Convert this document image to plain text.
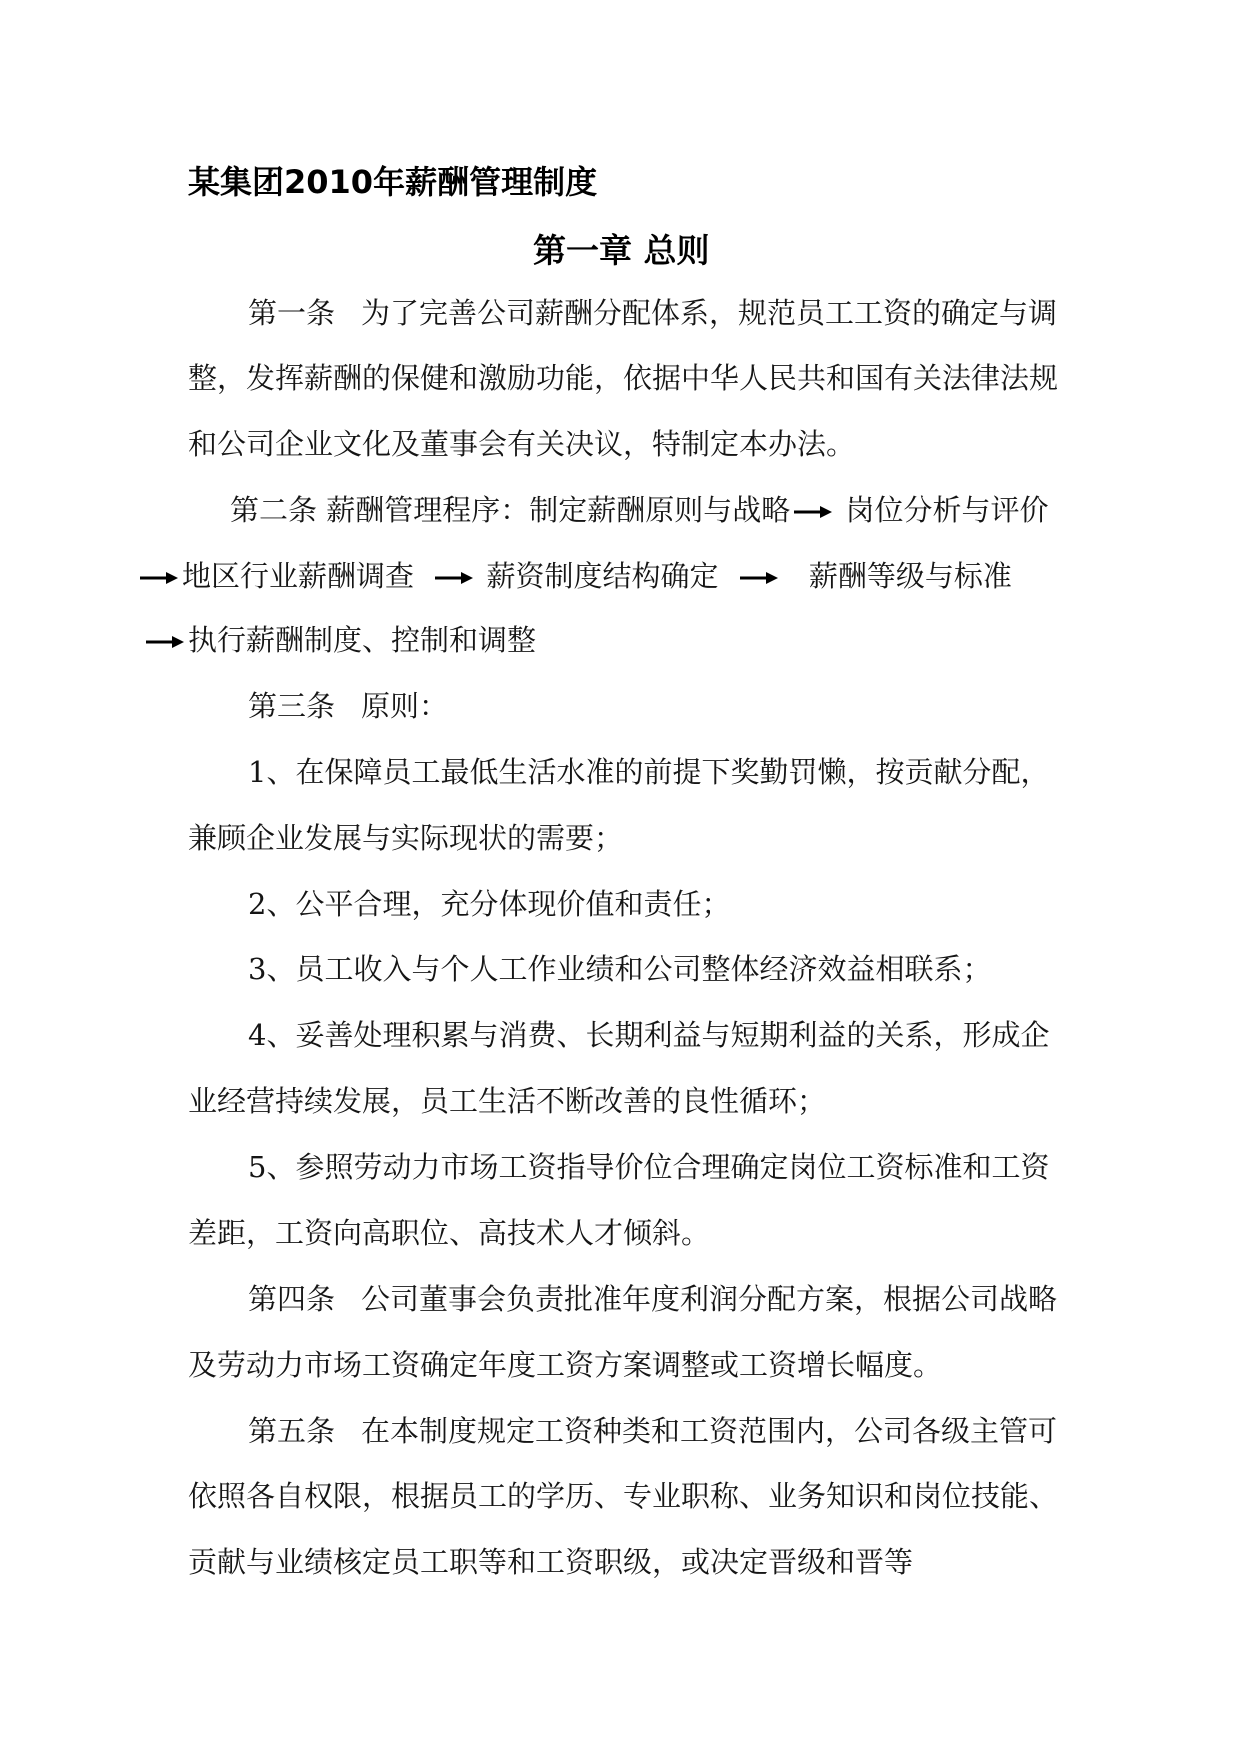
某集团2010年薪酬管理制度
第一章 总则
第一条 为了完善公司薪酬分配体系，规范员工工资的确定与调
整，发挥薪酬的保健和激励功能，依据中华人民共和国有关法律法规
和公司企业文化及董事会有关决议，特制定本办法。
第二条 薪酬管理程序：制定薪酬原则与战略 岗位分析与评价
地区行业薪酬调查 薪资制度结构确定	薪酬等级与标准
执行薪酬制度、控制和调整
第三条 原则：
1、在保障员工最低生活水准的前提下奖勤罚懒，按贡献分配，
兼顾企业发展与实际现状的需要；
2、公平合理，充分体现价值和责任；
3、员工收入与个人工作业绩和公司整体经济效益相联系；
4、妥善处理积累与消费、长期利益与短期利益的关系，形成企
业经营持续发展，员工生活不断改善的良性循环；
5、参照劳动力市场工资指导价位合理确定岗位工资标准和工资
差距，工资向高职位、高技术人才倾斜。
第四条 公司董事会负责批准年度利润分配方案，根据公司战略
及劳动力市场工资确定年度工资方案调整或工资增长幅度。
第五条 在本制度规定工资种类和工资范围内，公司各级主管可
依照各自权限，根据员工的学历、专业职称、业务知识和岗位技能、
贡献与业绩核定员工职等和工资职级，或决定晋级和晋等
